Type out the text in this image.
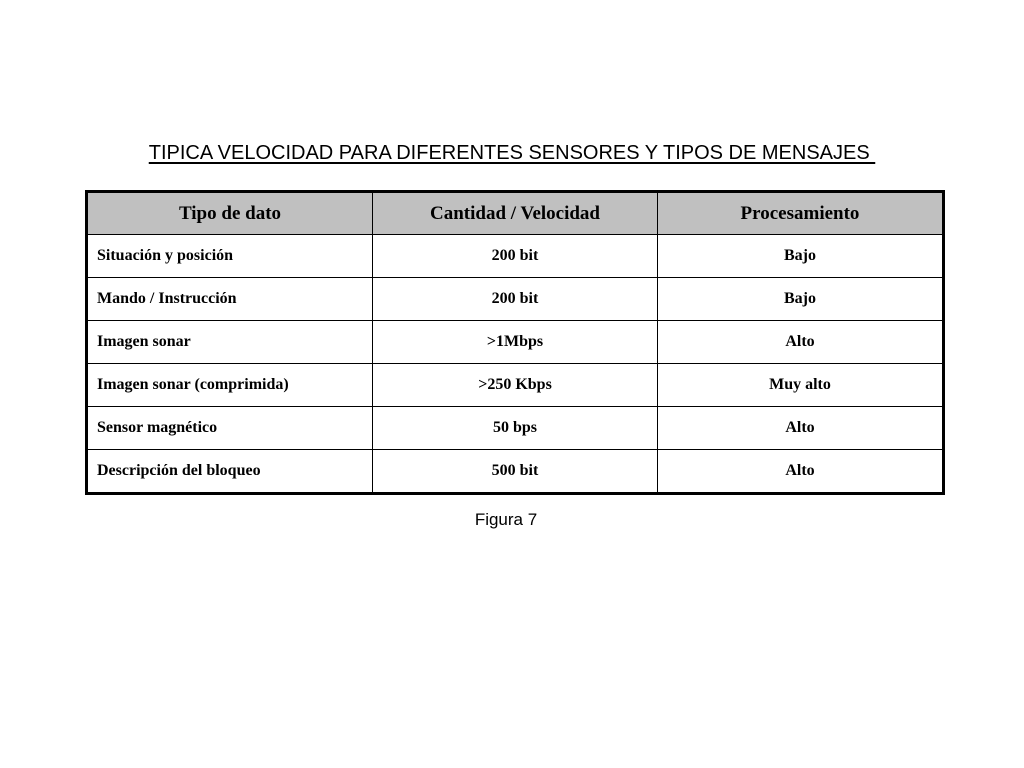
TIPICA VELOCIDAD PARA DIFERENTES SENSORES Y TIPOS DE MENSAJES
Tipo de dato	Cantidad / Velocidad	Procesamiento
Situación y posición	200 bit	Bajo
Mando / Instrucción	200 bit	Bajo
Imagen sonar	>1Mbps	Alto
Imagen sonar (comprimida)	>250 Kbps	Muy alto
Sensor magnético	50 bps	Alto
Descripción del bloqueo	500 bit	Alto
Figura 7
